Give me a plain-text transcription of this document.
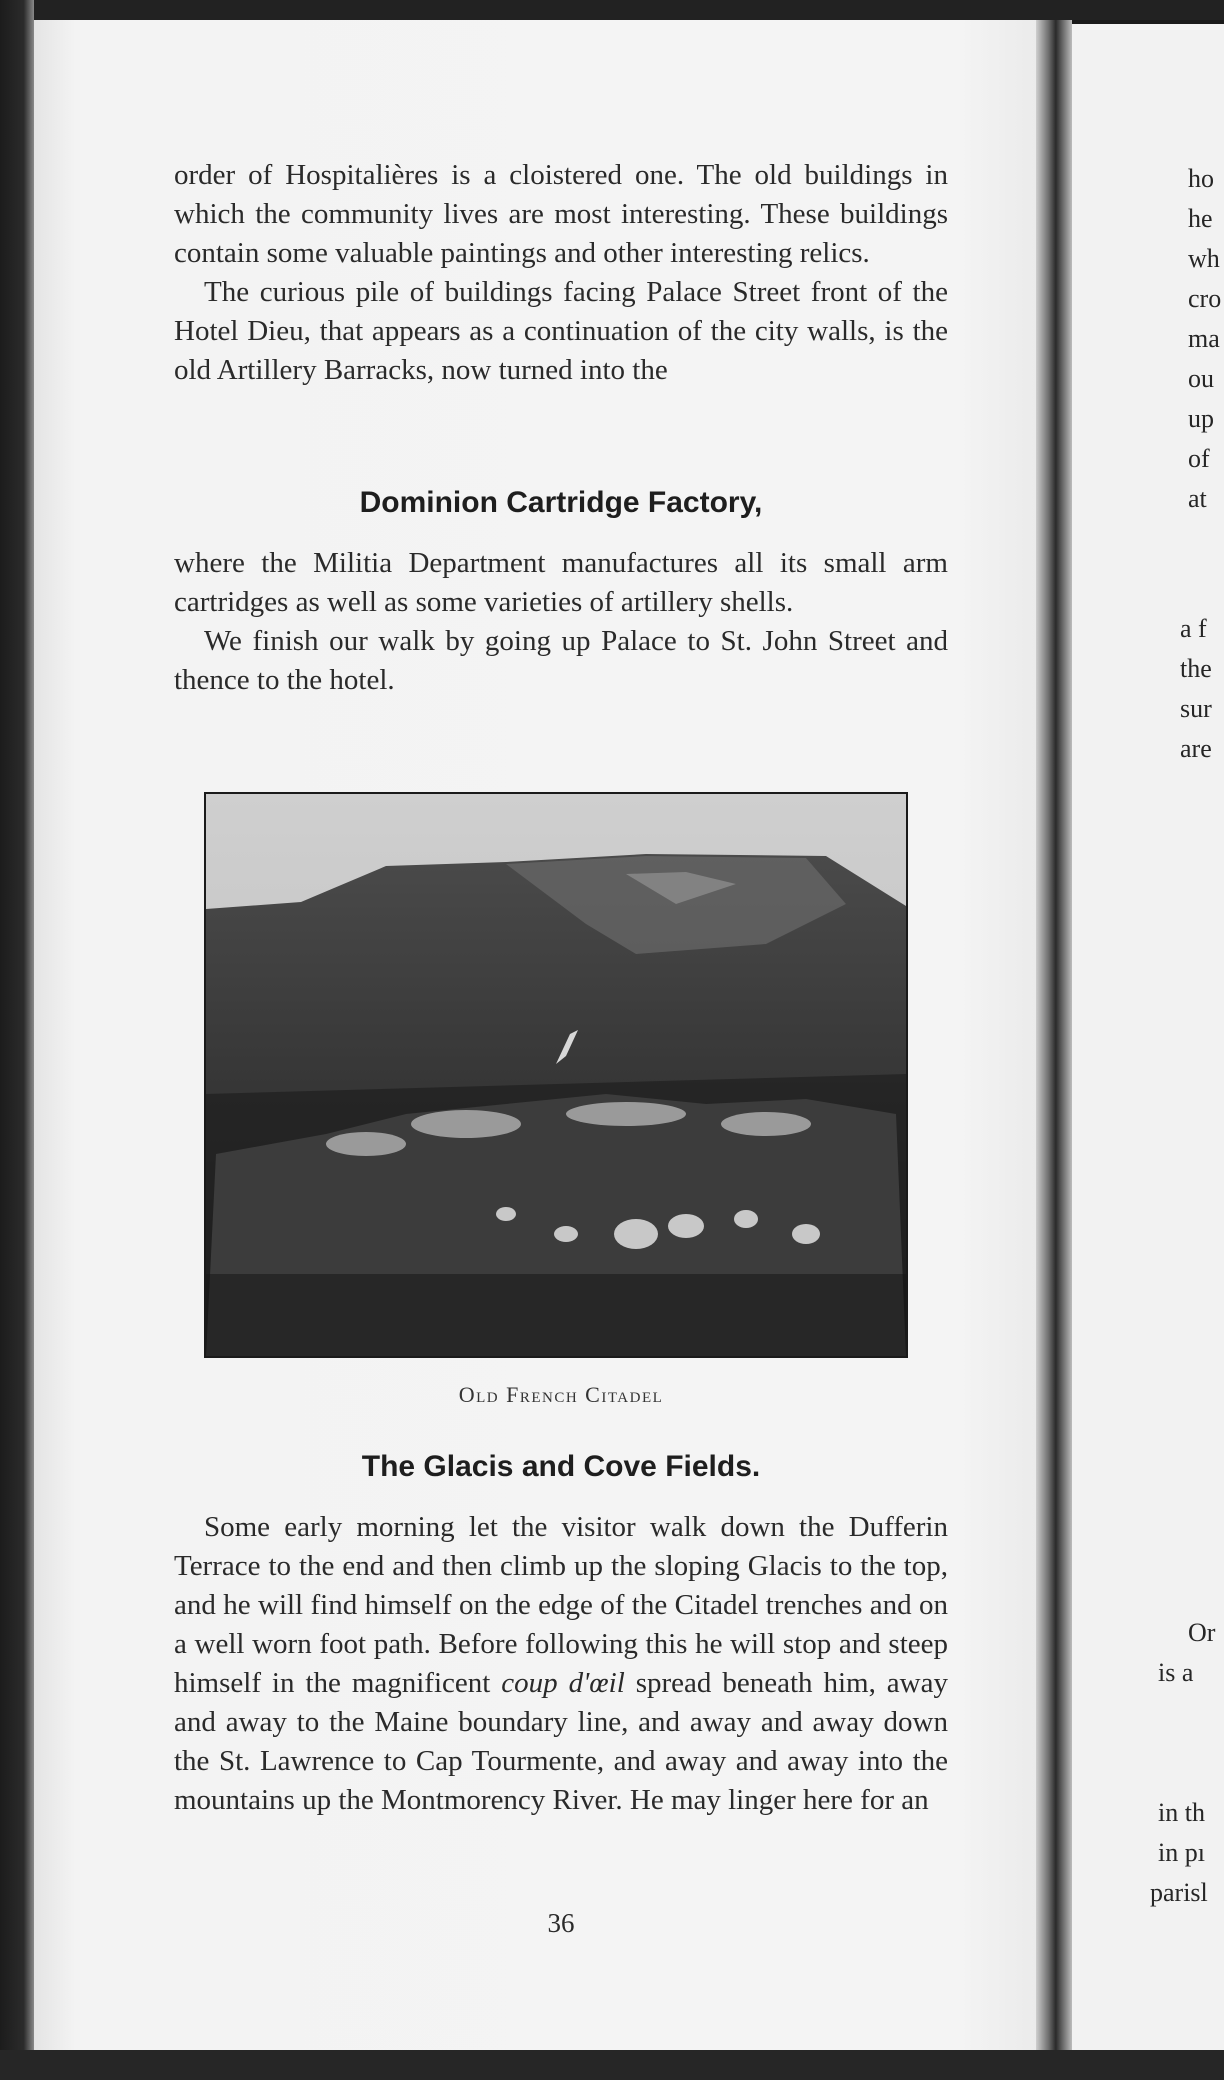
ho
he
wh
cro
ma
ou
up
of
at
a f
the
sur
are
Or
is a
in th
in pı
parisl

order of Hospitalières is a cloistered one. The old buildings in which the community lives are most interesting. These buildings contain some valuable paintings and other interesting relics.

The curious pile of buildings facing Palace Street front of the Hotel Dieu, that appears as a continuation of the city walls, is the old Artillery Barracks, now turned into the

Dominion Cartridge Factory,

where the Militia Department manufactures all its small arm cartridges as well as some varieties of artillery shells.

We finish our walk by going up Palace to St. John Street and thence to the hotel.

Old French Citadel
The Glacis and Cove Fields.

Some early morning let the visitor walk down the Dufferin Terrace to the end and then climb up the sloping Glacis to the top, and he will find himself on the edge of the Citadel trenches and on a well worn foot path. Before following this he will stop and steep himself in the magnificent coup d'œil spread beneath him, away and away to the Maine boundary line, and away and away down the St. Lawrence to Cap Tourmente, and away and away into the mountains up the Montmorency River. He may linger here for an

36
